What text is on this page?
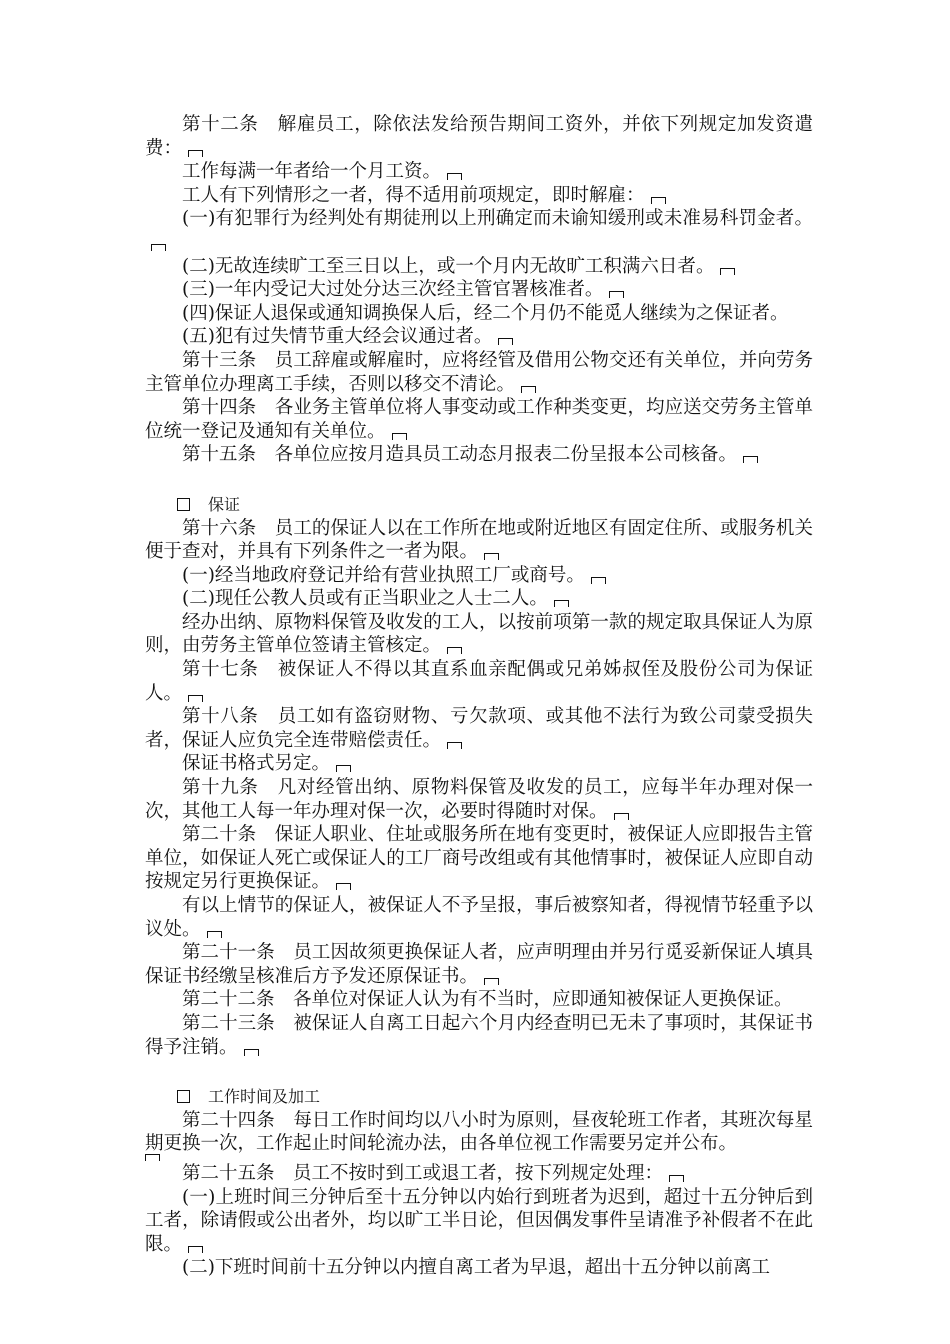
第十二条　解雇员工，除依法发给预告期间工资外，并依下列规定加发资遣费：

工作每满一年者给一个月工资。

工人有下列情形之一者，得不适用前项规定，即时解雇：

(一)有犯罪行为经判处有期徒刑以上刑确定而未谕知缓刑或未准易科罚金者。

(二)无故连续旷工至三日以上，或一个月内无故旷工积满六日者。

(三)一年内受记大过处分达三次经主管官署核准者。

(四)保证人退保或通知调换保人后，经二个月仍不能觅人继续为之保证者。

(五)犯有过失情节重大经会议通过者。

第十三条　员工辞雇或解雇时，应将经管及借用公物交还有关单位，并向劳务主管单位办理离工手续，否则以移交不清论。

第十四条　各业务主管单位将人事变动或工作种类变更，均应送交劳务主管单位统一登记及通知有关单位。

第十五条　各单位应按月造具员工动态月报表二份呈报本公司核备。

保证

第十六条　员工的保证人以在工作所在地或附近地区有固定住所、或服务机关便于查对，并具有下列条件之一者为限。

(一)经当地政府登记并给有营业执照工厂或商号。

(二)现任公教人员或有正当职业之人士二人。

经办出纳、原物料保管及收发的工人，以按前项第一款的规定取具保证人为原则，由劳务主管单位签请主管核定。

第十七条　被保证人不得以其直系血亲配偶或兄弟姊叔侄及股份公司为保证人。

第十八条　员工如有盗窃财物、亏欠款项、或其他不法行为致公司蒙受损失者，保证人应负完全连带赔偿责任。

保证书格式另定。

第十九条　凡对经管出纳、原物料保管及收发的员工，应每半年办理对保一次，其他工人每一年办理对保一次，必要时得随时对保。

第二十条　保证人职业、住址或服务所在地有变更时，被保证人应即报告主管单位，如保证人死亡或保证人的工厂商号改组或有其他情事时，被保证人应即自动按规定另行更换保证。

有以上情节的保证人，被保证人不予呈报，事后被察知者，得视情节轻重予以议处。

第二十一条　员工因故须更换保证人者，应声明理由并另行觅妥新保证人填具保证书经缴呈核准后方予发还原保证书。

第二十二条　各单位对保证人认为有不当时，应即通知被保证人更换保证。

第二十三条　被保证人自离工日起六个月内经查明已无未了事项时，其保证书得予注销。

工作时间及加工

第二十四条　每日工作时间均以八小时为原则，昼夜轮班工作者，其班次每星期更换一次，工作起止时间轮流办法，由各单位视工作需要另定并公布。

第二十五条　员工不按时到工或退工者，按下列规定处理：

(一)上班时间三分钟后至十五分钟以内始行到班者为迟到，超过十五分钟后到工者，除请假或公出者外，均以旷工半日论，但因偶发事件呈请准予补假者不在此限。

(二)下班时间前十五分钟以内擅自离工者为早退，超出十五分钟以前离工
